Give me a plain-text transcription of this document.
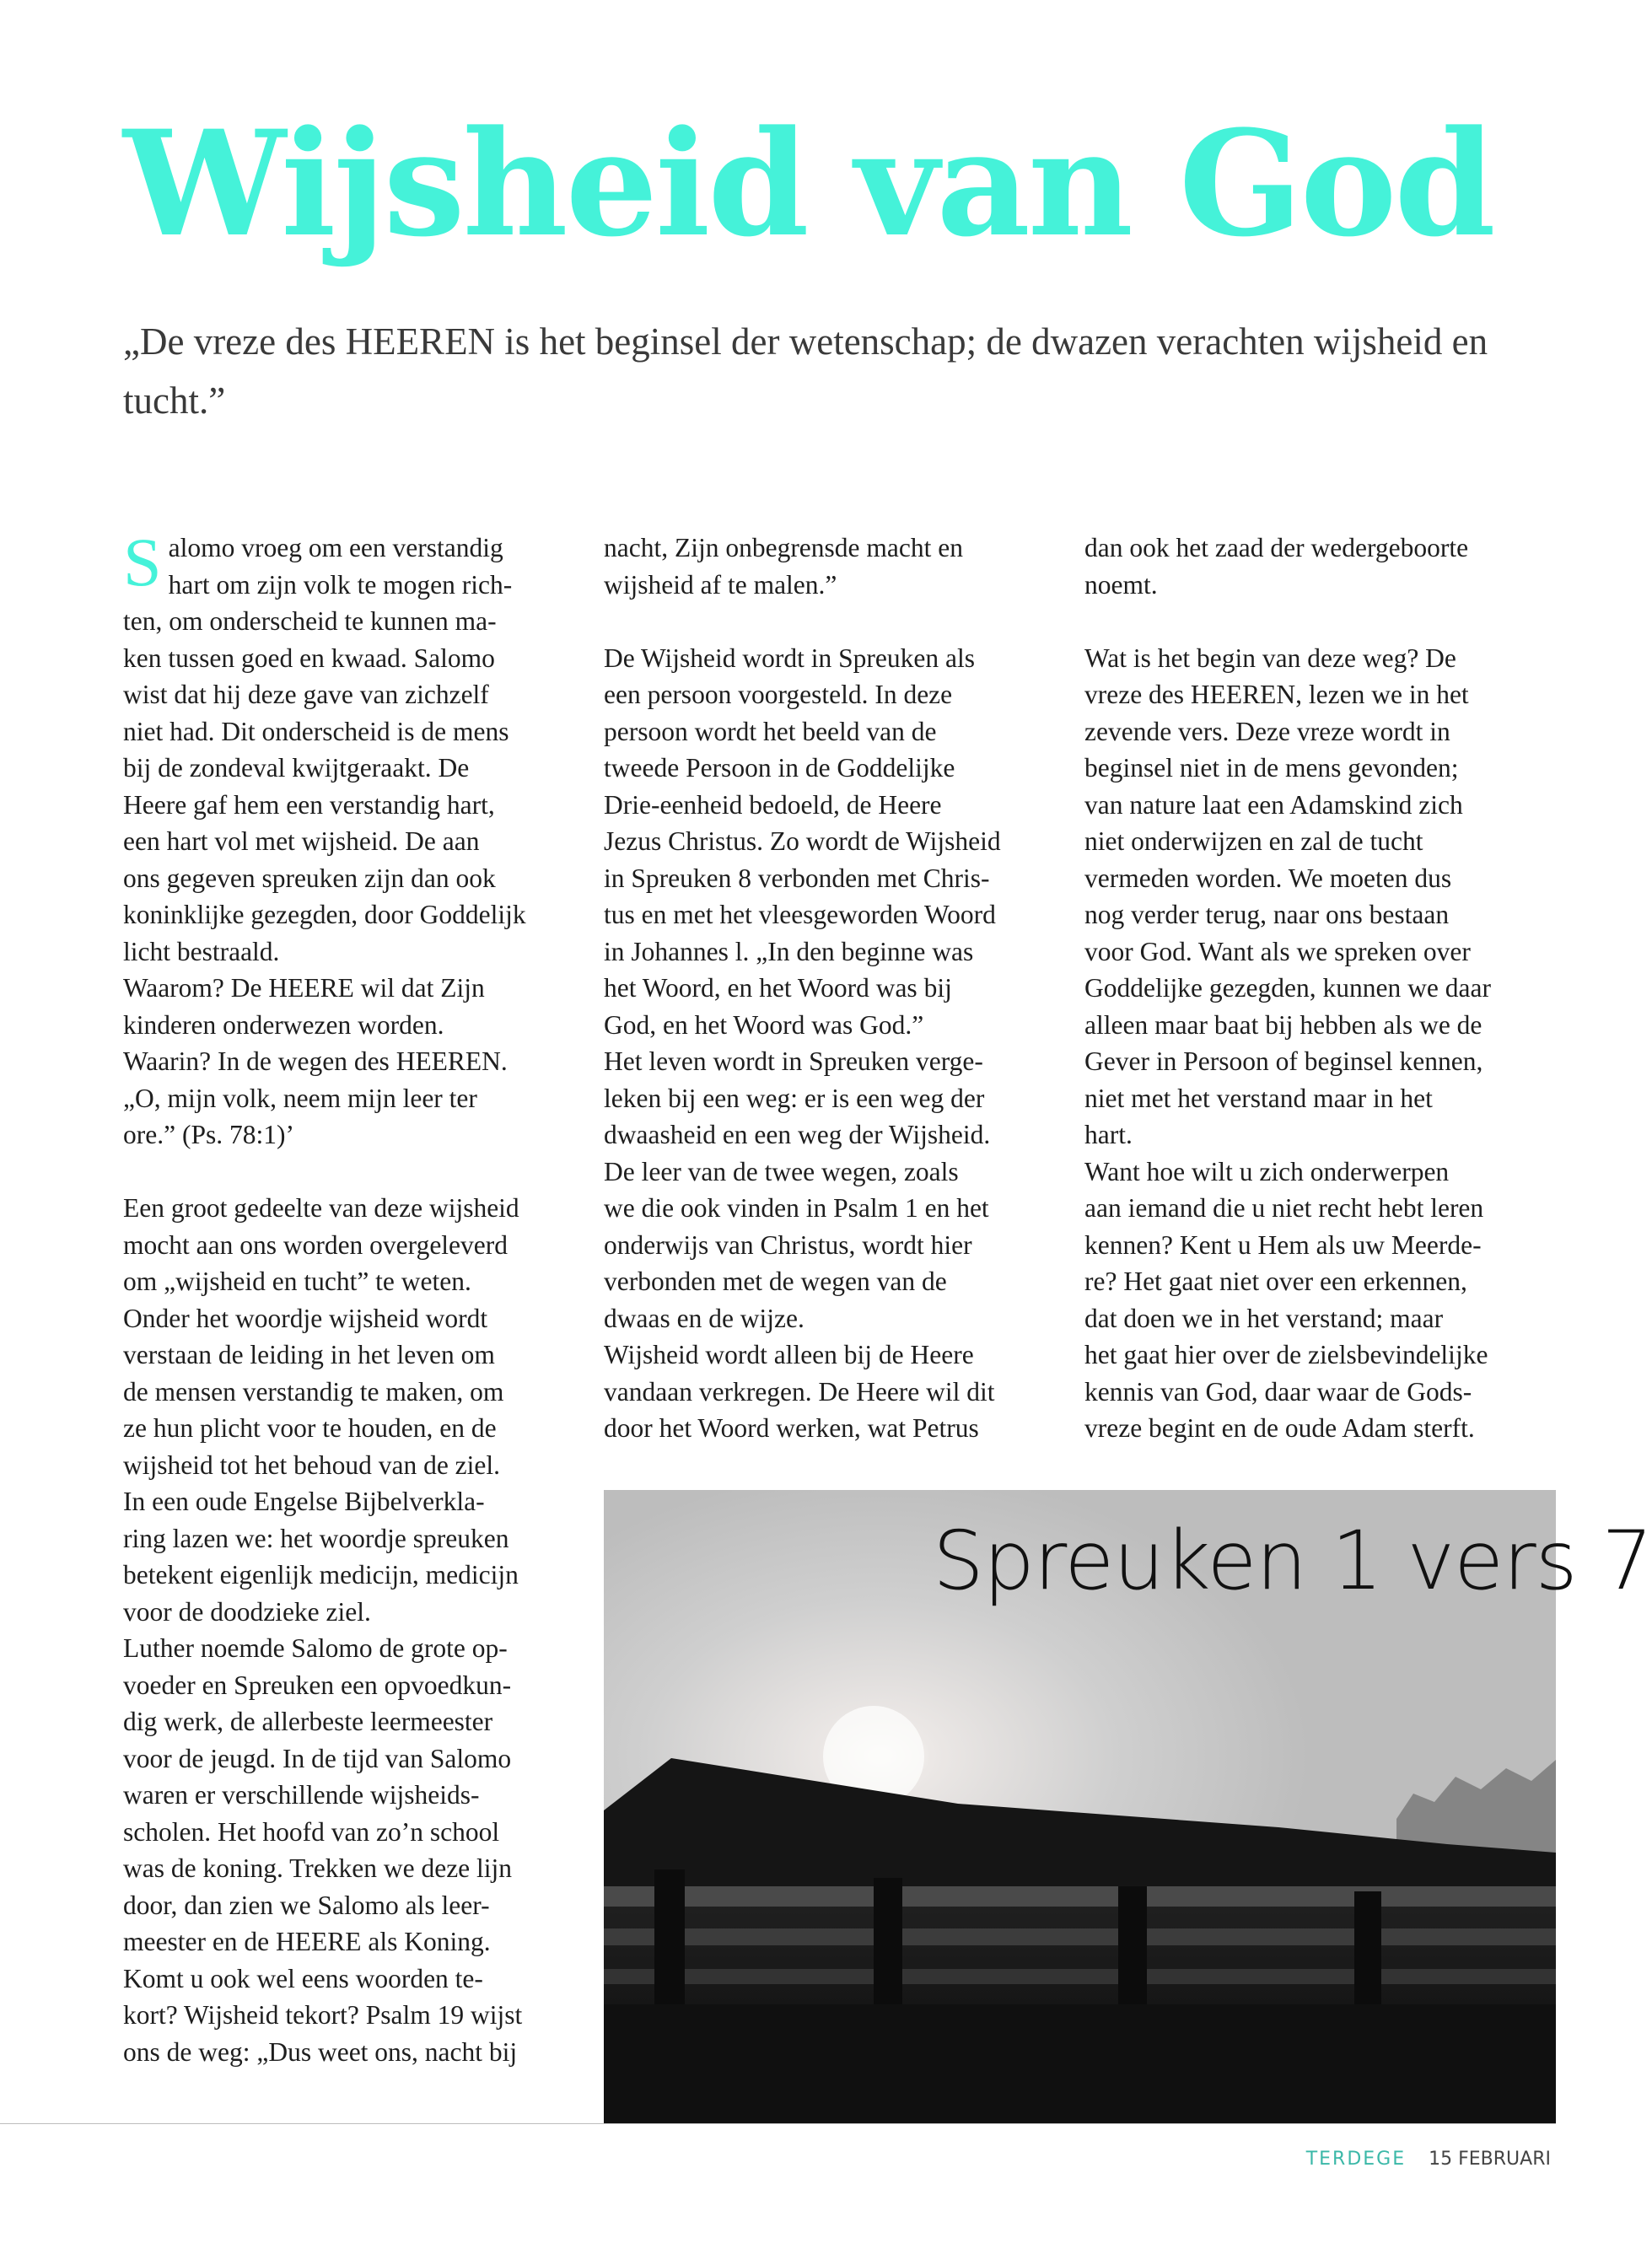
Wijsheid van God

„De vreze des HEEREN is het beginsel der wetenschap; de dwazen verachten wijsheid en tucht.”

S alomo vroeg om een verstandig
hart om zijn volk te mogen rich-
ten, om onderscheid te kunnen ma-
ken tussen goed en kwaad. Salomo
wist dat hij deze gave van zichzelf
niet had. Dit onderscheid is de mens
bij de zondeval kwijtgeraakt. De
Heere gaf hem een verstandig hart,
een hart vol met wijsheid. De aan
ons gegeven spreuken zijn dan ook
koninklijke gezegden, door Goddelijk
licht bestraald.
Waarom? De HEERE wil dat Zijn
kinderen onderwezen worden.
Waarin? In de wegen des HEEREN.
„O, mijn volk, neem mijn leer ter
ore.” (Ps. 78:1)’
Een groot gedeelte van deze wijsheid
mocht aan ons worden overgeleverd
om „wijsheid en tucht” te weten.
Onder het woordje wijsheid wordt
verstaan de leiding in het leven om
de mensen verstandig te maken, om
ze hun plicht voor te houden, en de
wijsheid tot het behoud van de ziel.
In een oude Engelse Bijbelverkla-
ring lazen we: het woordje spreuken
betekent eigenlijk medicijn, medicijn
voor de doodzieke ziel.
Luther noemde Salomo de grote op-
voeder en Spreuken een opvoedkun-
dig werk, de allerbeste leermeester
voor de jeugd. In de tijd van Salomo
waren er verschillende wijsheids-
scholen. Het hoofd van zo’n school
was de koning. Trekken we deze lijn
door, dan zien we Salomo als leer-
meester en de HEERE als Koning.
Komt u ook wel eens woorden te-
kort? Wijsheid tekort? Psalm 19 wijst
ons de weg: „Dus weet ons, nacht bij
nacht, Zijn onbegrensde macht en
wijsheid af te malen.”
De Wijsheid wordt in Spreuken als
een persoon voorgesteld. In deze
persoon wordt het beeld van de
tweede Persoon in de Goddelijke
Drie-eenheid bedoeld, de Heere
Jezus Christus. Zo wordt de Wijsheid
in Spreuken 8 verbonden met Chris-
tus en met het vleesgeworden Woord
in Johannes l. „In den beginne was
het Woord, en het Woord was bij
God, en het Woord was God.”
Het leven wordt in Spreuken verge-
leken bij een weg: er is een weg der
dwaasheid en een weg der Wijsheid.
De leer van de twee wegen, zoals
we die ook vinden in Psalm 1 en het
onderwijs van Christus, wordt hier
verbonden met de wegen van de
dwaas en de wijze.
Wijsheid wordt alleen bij de Heere
vandaan verkregen. De Heere wil dit
door het Woord werken, wat Petrus
dan ook het zaad der wedergeboorte
noemt.
Wat is het begin van deze weg? De
vreze des HEEREN, lezen we in het
zevende vers. Deze vreze wordt in
beginsel niet in de mens gevonden;
van nature laat een Adamskind zich
niet onderwijzen en zal de tucht
vermeden worden. We moeten dus
nog verder terug, naar ons bestaan
voor God. Want als we spreken over
Goddelijke gezegden, kunnen we daar
alleen maar baat bij hebben als we de
Gever in Persoon of beginsel kennen,
niet met het verstand maar in het
hart.
Want hoe wilt u zich onderwerpen
aan iemand die u niet recht hebt leren
kennen? Kent u Hem als uw Meerde-
re? Het gaat niet over een erkennen,
dat doen we in het verstand; maar
het gaat hier over de zielsbevindelijke
kennis van God, daar waar de Gods-
vreze begint en de oude Adam sterft.

Spreuken 1 vers 7

TERDEGE 15 FEBRUARI
